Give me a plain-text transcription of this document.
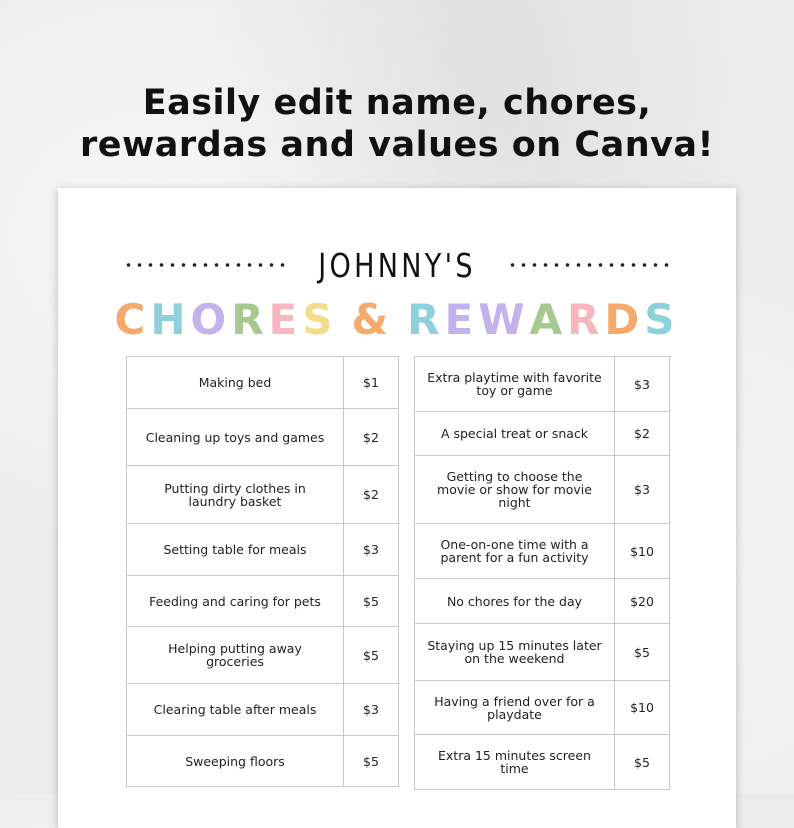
Easily edit name, chores,
rewardas and values on Canva!
JOHNNY'S
C H O R E S & R E W A R D S
Making bed	$1
Cleaning up toys and games	$2
Putting dirty clothes in laundry basket	$2
Setting table for meals	$3
Feeding and caring for pets	$5
Helping putting away groceries	$5
Clearing table after meals	$3
Sweeping floors	$5
Extra playtime with favorite toy or game	$3
A special treat or snack	$2
Getting to choose the movie or show for movie night	$3
One-on-one time with a parent for a fun activity	$10
No chores for the day	$20
Staying up 15 minutes later on the weekend	$5
Having a friend over for a playdate	$10
Extra 15 minutes screen time	$5
